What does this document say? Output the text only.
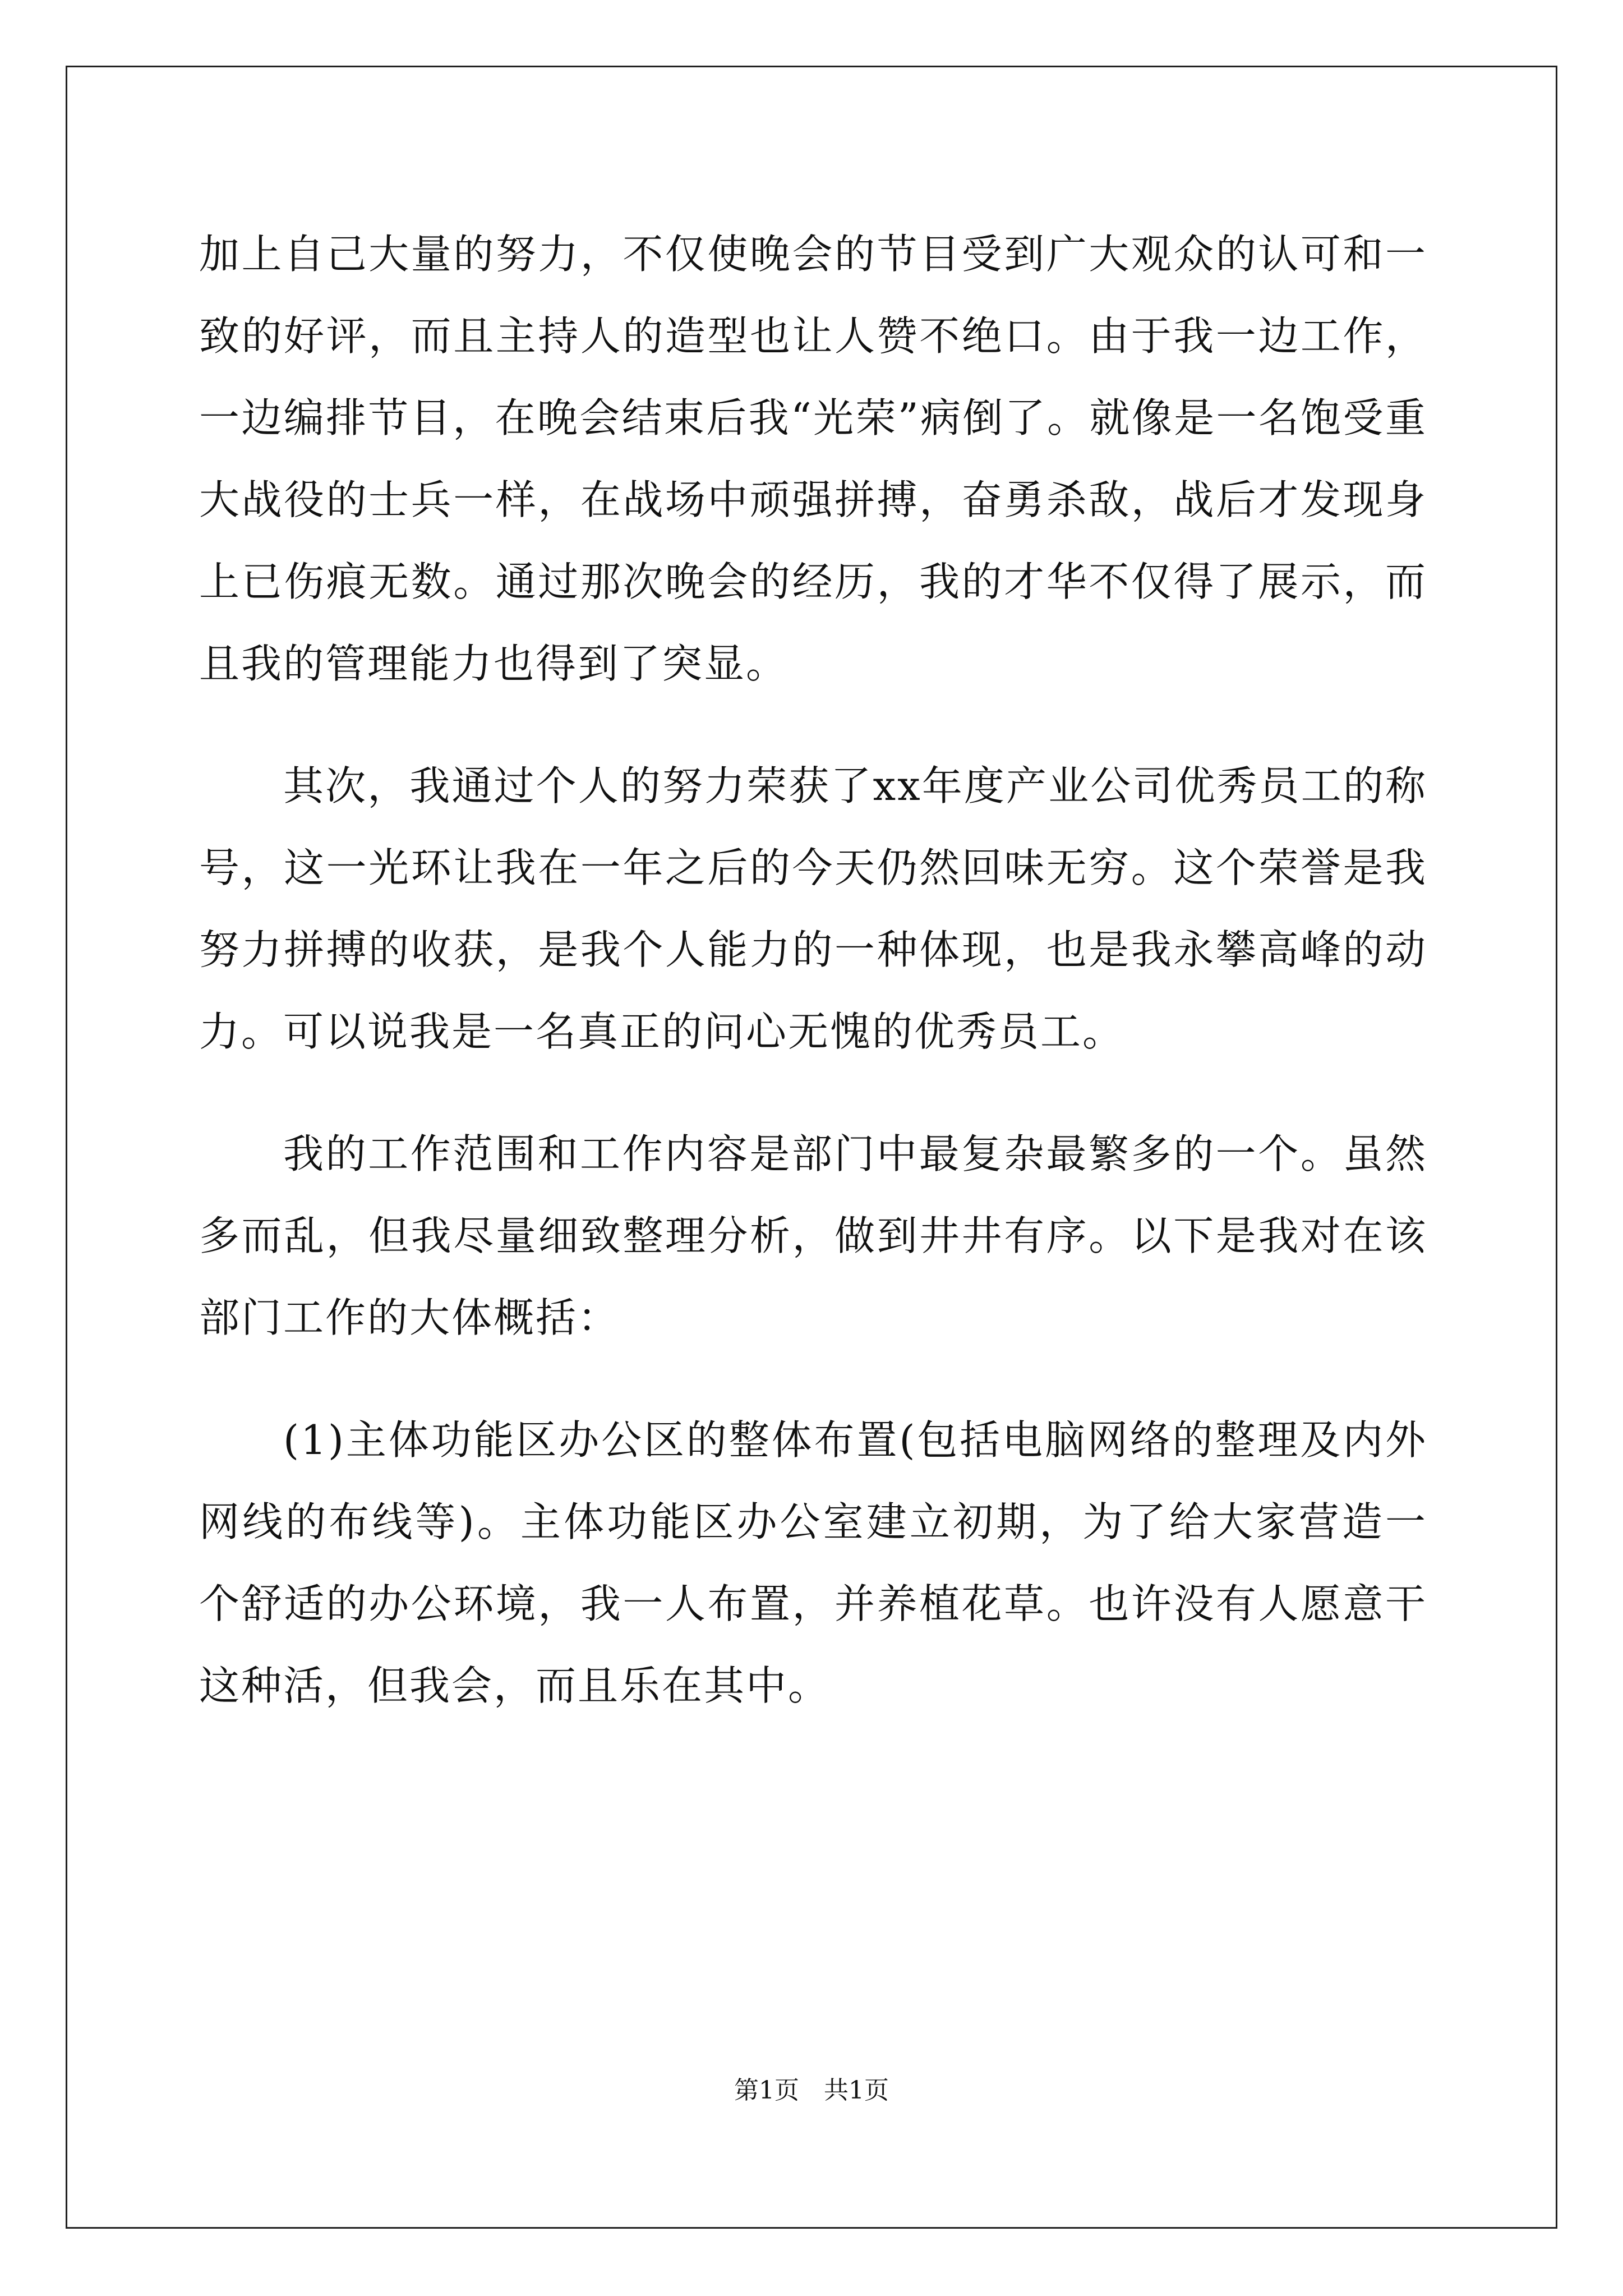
加上自己大量的努力，不仅使晚会的节目受到广大观众的认可和一致的好评，而且主持人的造型也让人赞不绝口。由于我一边工作，一边编排节目，在晚会结束后我“光荣”病倒了。就像是一名饱受重大战役的士兵一样，在战场中顽强拼搏，奋勇杀敌，战后才发现身上已伤痕无数。通过那次晚会的经历，我的才华不仅得了展示，而且我的管理能力也得到了突显。

其次，我通过个人的努力荣获了xx年度产业公司优秀员工的称号，这一光环让我在一年之后的今天仍然回味无穷。这个荣誉是我努力拼搏的收获，是我个人能力的一种体现，也是我永攀高峰的动力。可以说我是一名真正的问心无愧的优秀员工。

我的工作范围和工作内容是部门中最复杂最繁多的一个。虽然多而乱，但我尽量细致整理分析，做到井井有序。以下是我对在该部门工作的大体概括：

(1)主体功能区办公区的整体布置(包括电脑网络的整理及内外网线的布线等)。主体功能区办公室建立初期，为了给大家营造一个舒适的办公环境，我一人布置，并养植花草。也许没有人愿意干这种活，但我会，而且乐在其中。

第1页　共1页
